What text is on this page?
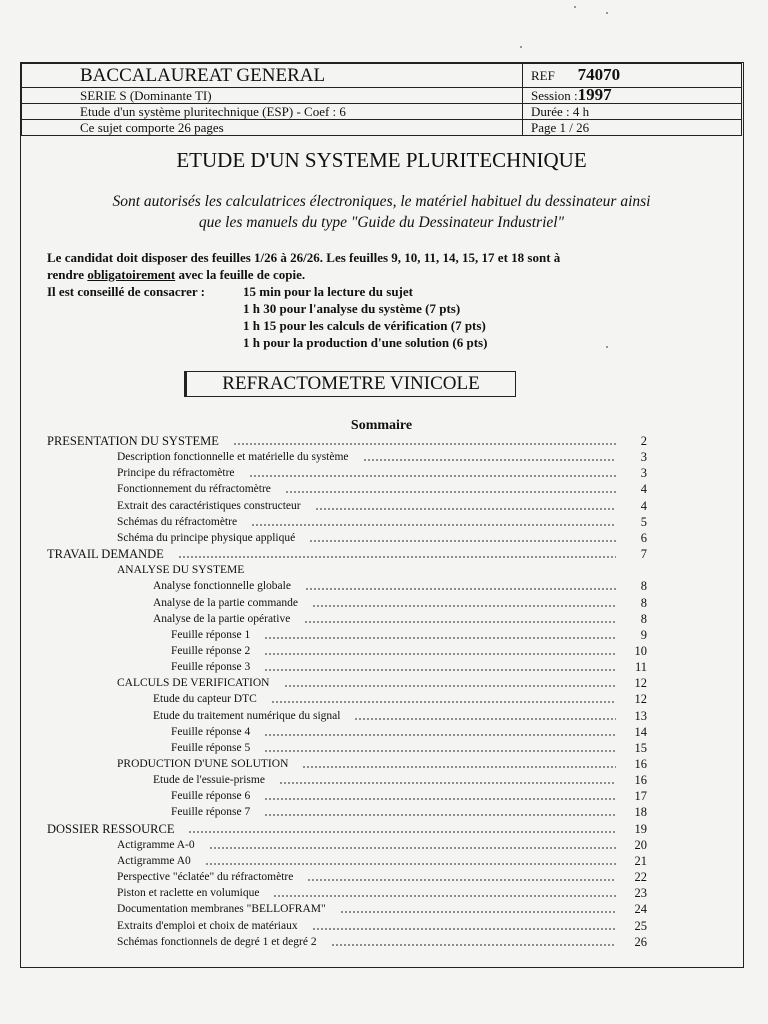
BACCALAUREAT GENERAL	REF 74070
SERIE S (Dominante TI)	Session :1997
Etude d'un système pluritechnique (ESP) - Coef : 6	Durée : 4 h
Ce sujet comporte 26 pages	Page 1 / 26
ETUDE D'UN SYSTEME PLURITECHNIQUE
Sont autorisés les calculatrices électroniques, le matériel habituel du dessinateur ainsi
que les manuels du type "Guide du Dessinateur Industriel"
Le candidat doit disposer des feuilles 1/26 à 26/26. Les feuilles 9, 10, 11, 14, 15, 17 et 18 sont à
rendre obligatoirement avec la feuille de copie.
Il est conseillé de consacrer :	15 min pour la lecture du sujet
1 h 30 pour l'analyse du système (7 pts)
1 h 15 pour les calculs de vérification (7 pts)
1 h pour la production d'une solution (6 pts)
REFRACTOMETRE VINICOLE
Sommaire
PRESENTATION DU SYSTEME	2
Description fonctionnelle et matérielle du système	3
Principe du réfractomètre	3
Fonctionnement du réfractomètre	4
Extrait des caractéristiques constructeur	4
Schémas du réfractomètre	5
Schéma du principe physique appliqué	6
TRAVAIL DEMANDE	7
ANALYSE DU SYSTEME
Analyse fonctionnelle globale	8
Analyse de la partie commande	8
Analyse de la partie opérative	8
Feuille réponse 1	9
Feuille réponse 2	10
Feuille réponse 3	11
CALCULS DE VERIFICATION	12
Etude du capteur DTC	12
Etude du traitement numérique du signal	13
Feuille réponse 4	14
Feuille réponse 5	15
PRODUCTION D'UNE SOLUTION	16
Etude de l'essuie-prisme	16
Feuille réponse 6	17
Feuille réponse 7	18
DOSSIER RESSOURCE	19
Actigramme A-0	20
Actigramme A0	21
Perspective "éclatée" du réfractomètre	22
Piston et raclette en volumique	23
Documentation membranes "BELLOFRAM"	24
Extraits d'emploi et choix de matériaux	25
Schémas fonctionnels de degré 1 et degré 2	26
